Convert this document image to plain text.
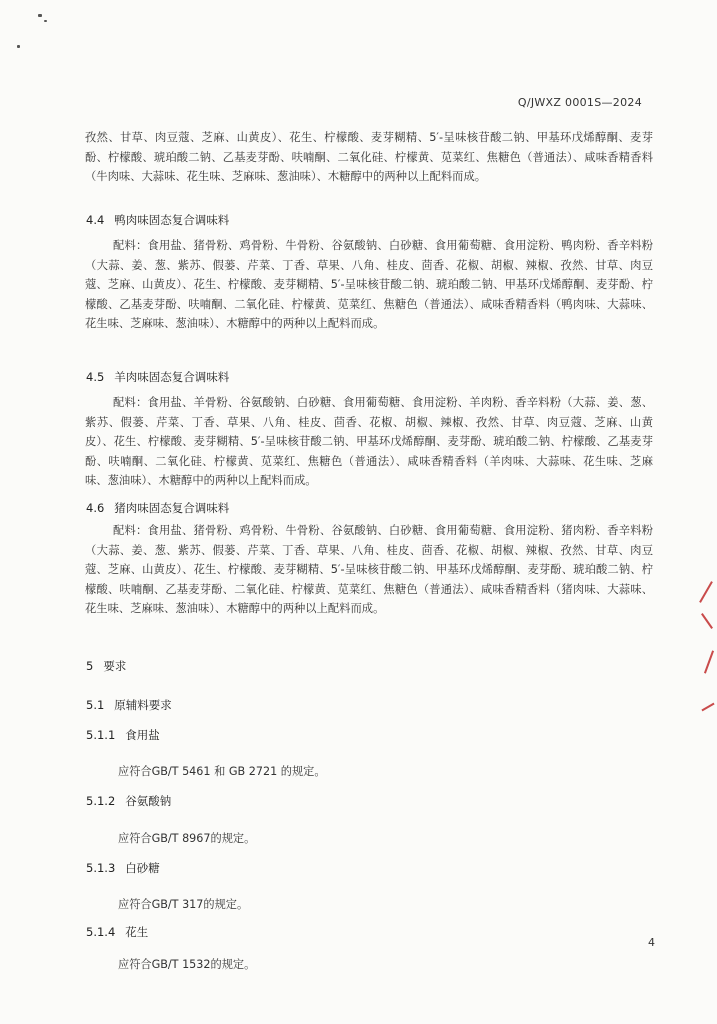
Q/JWXZ 0001S—2024

孜然、甘草、肉豆蔻、芝麻、山黄皮）、花生、柠檬酸、麦芽糊精、5′-呈味核苷酸二钠、甲基环戊烯醇酮、麦芽酚、柠檬酸、琥珀酸二钠、乙基麦芽酚、呋喃酮、二氧化硅、柠檬黄、苋菜红、焦糖色（普通法）、咸味香精香料（牛肉味、大蒜味、花生味、芝麻味、葱油味）、木糖醇中的两种以上配料而成。

4.4 鸭肉味固态复合调味料

配料：食用盐、猪骨粉、鸡骨粉、牛骨粉、谷氨酸钠、白砂糖、食用葡萄糖、食用淀粉、鸭肉粉、香辛料粉（大蒜、姜、葱、紫苏、假蒌、芹菜、丁香、草果、八角、桂皮、茴香、花椒、胡椒、辣椒、孜然、甘草、肉豆蔻、芝麻、山黄皮）、花生、柠檬酸、麦芽糊精、5′-呈味核苷酸二钠、琥珀酸二钠、甲基环戊烯醇酮、麦芽酚、柠檬酸、乙基麦芽酚、呋喃酮、二氧化硅、柠檬黄、苋菜红、焦糖色（普通法）、咸味香精香料（鸭肉味、大蒜味、花生味、芝麻味、葱油味）、木糖醇中的两种以上配料而成。

4.5 羊肉味固态复合调味料

配料：食用盐、羊骨粉、谷氨酸钠、白砂糖、食用葡萄糖、食用淀粉、羊肉粉、香辛料粉（大蒜、姜、葱、紫苏、假蒌、芹菜、丁香、草果、八角、桂皮、茴香、花椒、胡椒、辣椒、孜然、甘草、肉豆蔻、芝麻、山黄皮）、花生、柠檬酸、麦芽糊精、5′-呈味核苷酸二钠、甲基环戊烯醇酮、麦芽酚、琥珀酸二钠、柠檬酸、乙基麦芽酚、呋喃酮、二氧化硅、柠檬黄、苋菜红、焦糖色（普通法）、咸味香精香料（羊肉味、大蒜味、花生味、芝麻味、葱油味）、木糖醇中的两种以上配料而成。

4.6 猪肉味固态复合调味料

配料：食用盐、猪骨粉、鸡骨粉、牛骨粉、谷氨酸钠、白砂糖、食用葡萄糖、食用淀粉、猪肉粉、香辛料粉（大蒜、姜、葱、紫苏、假蒌、芹菜、丁香、草果、八角、桂皮、茴香、花椒、胡椒、辣椒、孜然、甘草、肉豆蔻、芝麻、山黄皮）、花生、柠檬酸、麦芽糊精、5′-呈味核苷酸二钠、甲基环戊烯醇酮、麦芽酚、琥珀酸二钠、柠檬酸、呋喃酮、乙基麦芽酚、二氧化硅、柠檬黄、苋菜红、焦糖色（普通法）、咸味香精香料（猪肉味、大蒜味、花生味、芝麻味、葱油味）、木糖醇中的两种以上配料而成。

5 要求
5.1 原辅料要求
5.1.1 食用盐

应符合GB/T 5461 和 GB 2721 的规定。

5.1.2 谷氨酸钠

应符合GB/T 8967的规定。

5.1.3 白砂糖

应符合GB/T 317的规定。

5.1.4 花生

应符合GB/T 1532的规定。

4
